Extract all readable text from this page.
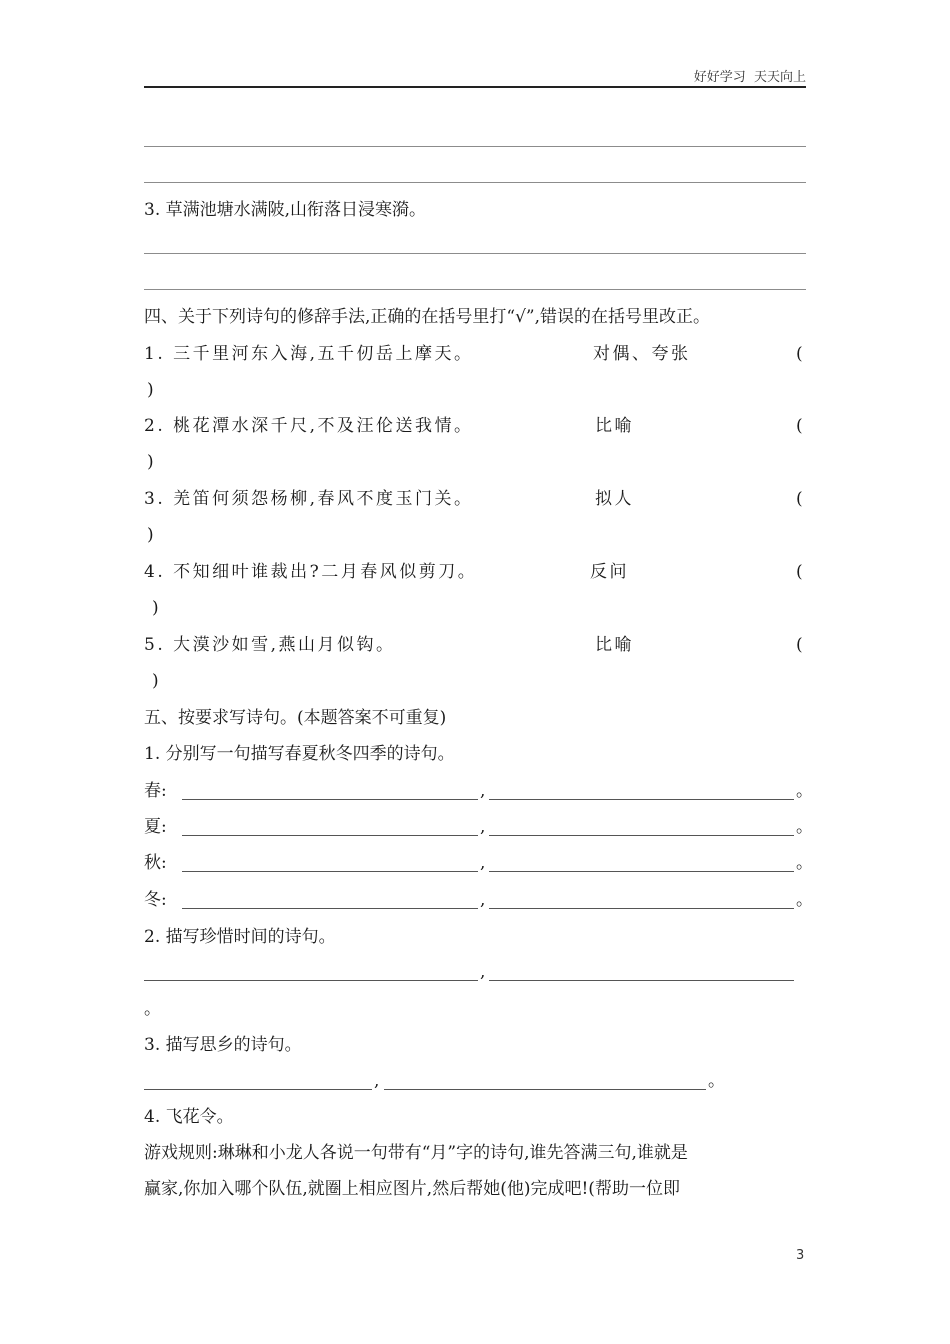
好好学习  天天向上
3. 草满池塘水满陂,山衔落日浸寒漪。
四、关于下列诗句的修辞手法,正确的在括号里打“√”,错误的在括号里改正。
1. 三千里河东入海,五千仞岳上摩天。	对偶、夸张	(
)
2. 桃花潭水深千尺,不及汪伦送我情。	比喻	(
)
3. 羌笛何须怨杨柳,春风不度玉门关。	拟人	(
)
4. 不知细叶谁裁出?二月春风似剪刀。	反问	(
)
5. 大漠沙如雪,燕山月似钩。	比喻	(
)
五、按要求写诗句。(本题答案不可重复)
1. 分别写一句描写春夏秋冬四季的诗句。
春:	,	。
夏:	,	。
秋:	,	。
冬:	,	。
2. 描写珍惜时间的诗句。
,
。
3. 描写思乡的诗句。
,	。
4. 飞花令。
游戏规则:琳琳和小龙人各说一句带有“月”字的诗句,谁先答满三句,谁就是
赢家,你加入哪个队伍,就圈上相应图片,然后帮她(他)完成吧!(帮助一位即
3
